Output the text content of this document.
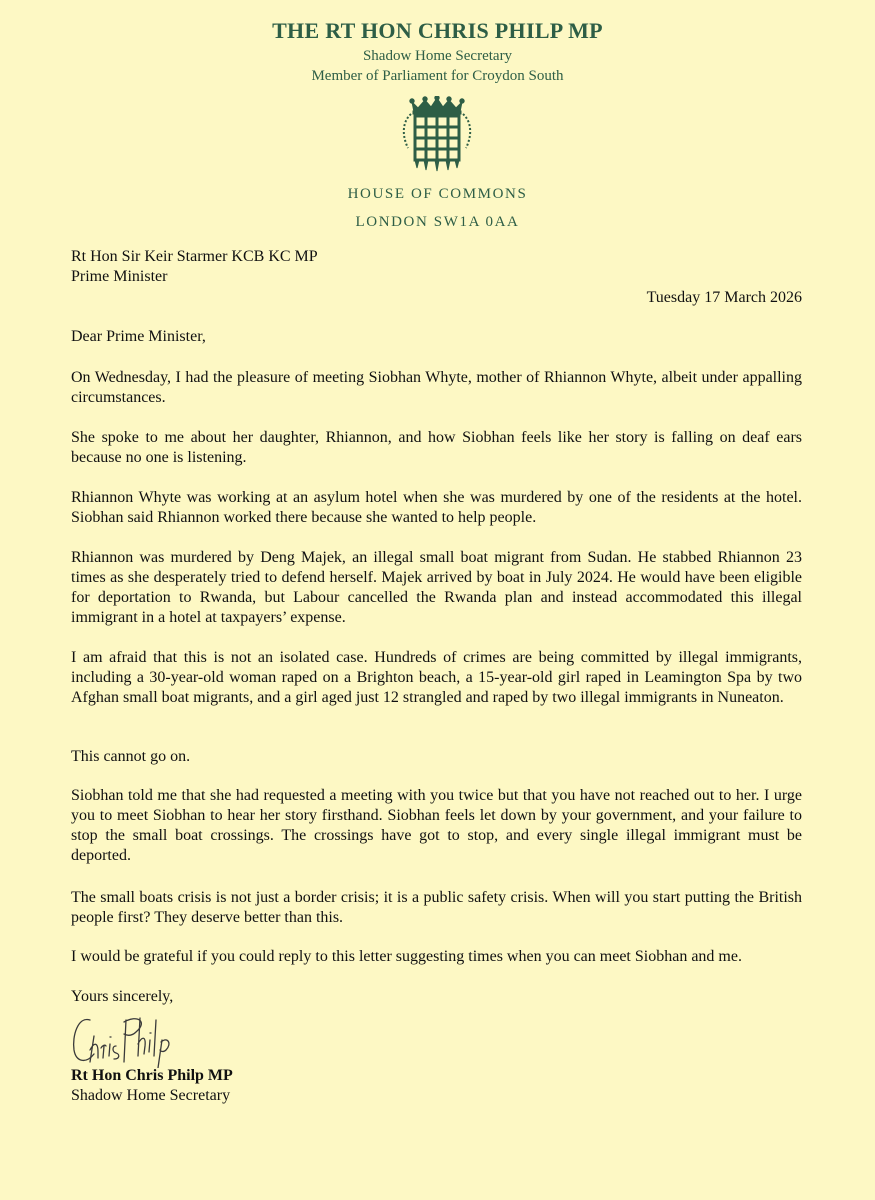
THE RT HON CHRIS PHILP MP
Shadow Home Secretary
Member of Parliament for Croydon South
HOUSE OF COMMONS
LONDON SW1A 0AA
Rt Hon Sir Keir Starmer KCB KC MP
Prime Minister
Tuesday 17 March 2026
Dear Prime Minister,
On Wednesday, I had the pleasure of meeting Siobhan Whyte, mother of Rhiannon Whyte, albeit under appalling circumstances.
She spoke to me about her daughter, Rhiannon, and how Siobhan feels like her story is falling on deaf ears because no one is listening.
Rhiannon Whyte was working at an asylum hotel when she was murdered by one of the residents at the hotel. Siobhan said Rhiannon worked there because she wanted to help people.
Rhiannon was murdered by Deng Majek, an illegal small boat migrant from Sudan. He stabbed Rhiannon 23 times as she desperately tried to defend herself. Majek arrived by boat in July 2024. He would have been eligible for deportation to Rwanda, but Labour cancelled the Rwanda plan and instead accommodated this illegal immigrant in a hotel at taxpayers’ expense.
I am afraid that this is not an isolated case. Hundreds of crimes are being committed by illegal immigrants, including a 30-year-old woman raped on a Brighton beach, a 15-year-old girl raped in Leamington Spa by two Afghan small boat migrants, and a girl aged just 12 strangled and raped by two illegal immigrants in Nuneaton.
This cannot go on.
Siobhan told me that she had requested a meeting with you twice but that you have not reached out to her. I urge you to meet Siobhan to hear her story firsthand. Siobhan feels let down by your government, and your failure to stop the small boat crossings. The crossings have got to stop, and every single illegal immigrant must be deported.
The small boats crisis is not just a border crisis; it is a public safety crisis. When will you start putting the British people first? They deserve better than this.
I would be grateful if you could reply to this letter suggesting times when you can meet Siobhan and me.
Yours sincerely,
Rt Hon Chris Philp MP
Shadow Home Secretary
